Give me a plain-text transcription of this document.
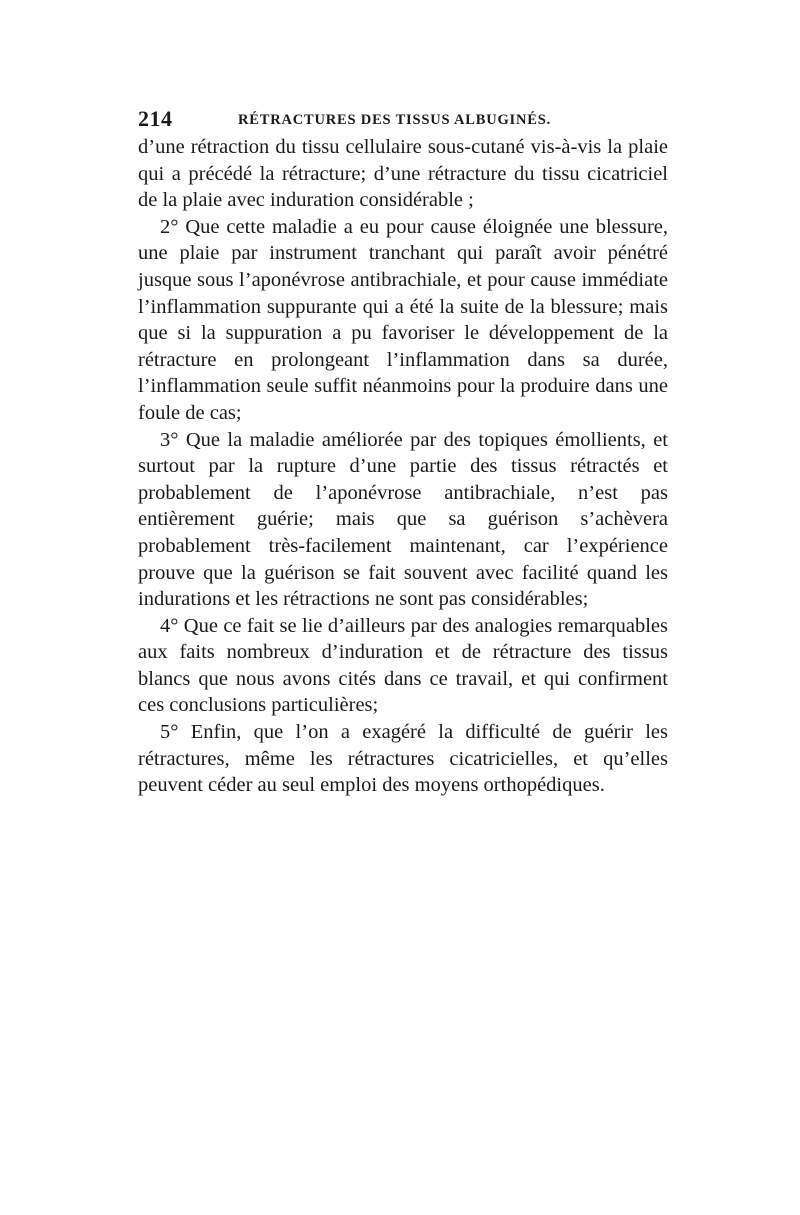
214	RÉTRACTURES DES TISSUS ALBUGINÉS.

d’une rétraction du tissu cellulaire sous-cutané vis-à-vis la plaie qui a précédé la rétracture; d’une rétracture du tissu cicatriciel de la plaie avec induration considérable ;

2° Que cette maladie a eu pour cause éloignée une blessure, une plaie par instrument tranchant qui paraît avoir pénétré jusque sous l’aponévrose antibrachiale, et pour cause immédiate l’inflammation suppurante qui a été la suite de la blessure; mais que si la suppuration a pu favoriser le développement de la rétracture en prolongeant l’inflammation dans sa durée, l’inflammation seule suffit néanmoins pour la produire dans une foule de cas;

3° Que la maladie améliorée par des topiques émollients, et surtout par la rupture d’une partie des tissus rétractés et probablement de l’aponévrose antibrachiale, n’est pas entièrement guérie; mais que sa guérison s’achèvera probablement très-facilement maintenant, car l’expérience prouve que la guérison se fait souvent avec facilité quand les indurations et les rétractions ne sont pas considérables;

4° Que ce fait se lie d’ailleurs par des analogies remarquables aux faits nombreux d’induration et de rétracture des tissus blancs que nous avons cités dans ce travail, et qui confirment ces conclusions particulières;

5° Enfin, que l’on a exagéré la difficulté de guérir les rétractures, même les rétractures cicatricielles, et qu’elles peuvent céder au seul emploi des moyens orthopédiques.
